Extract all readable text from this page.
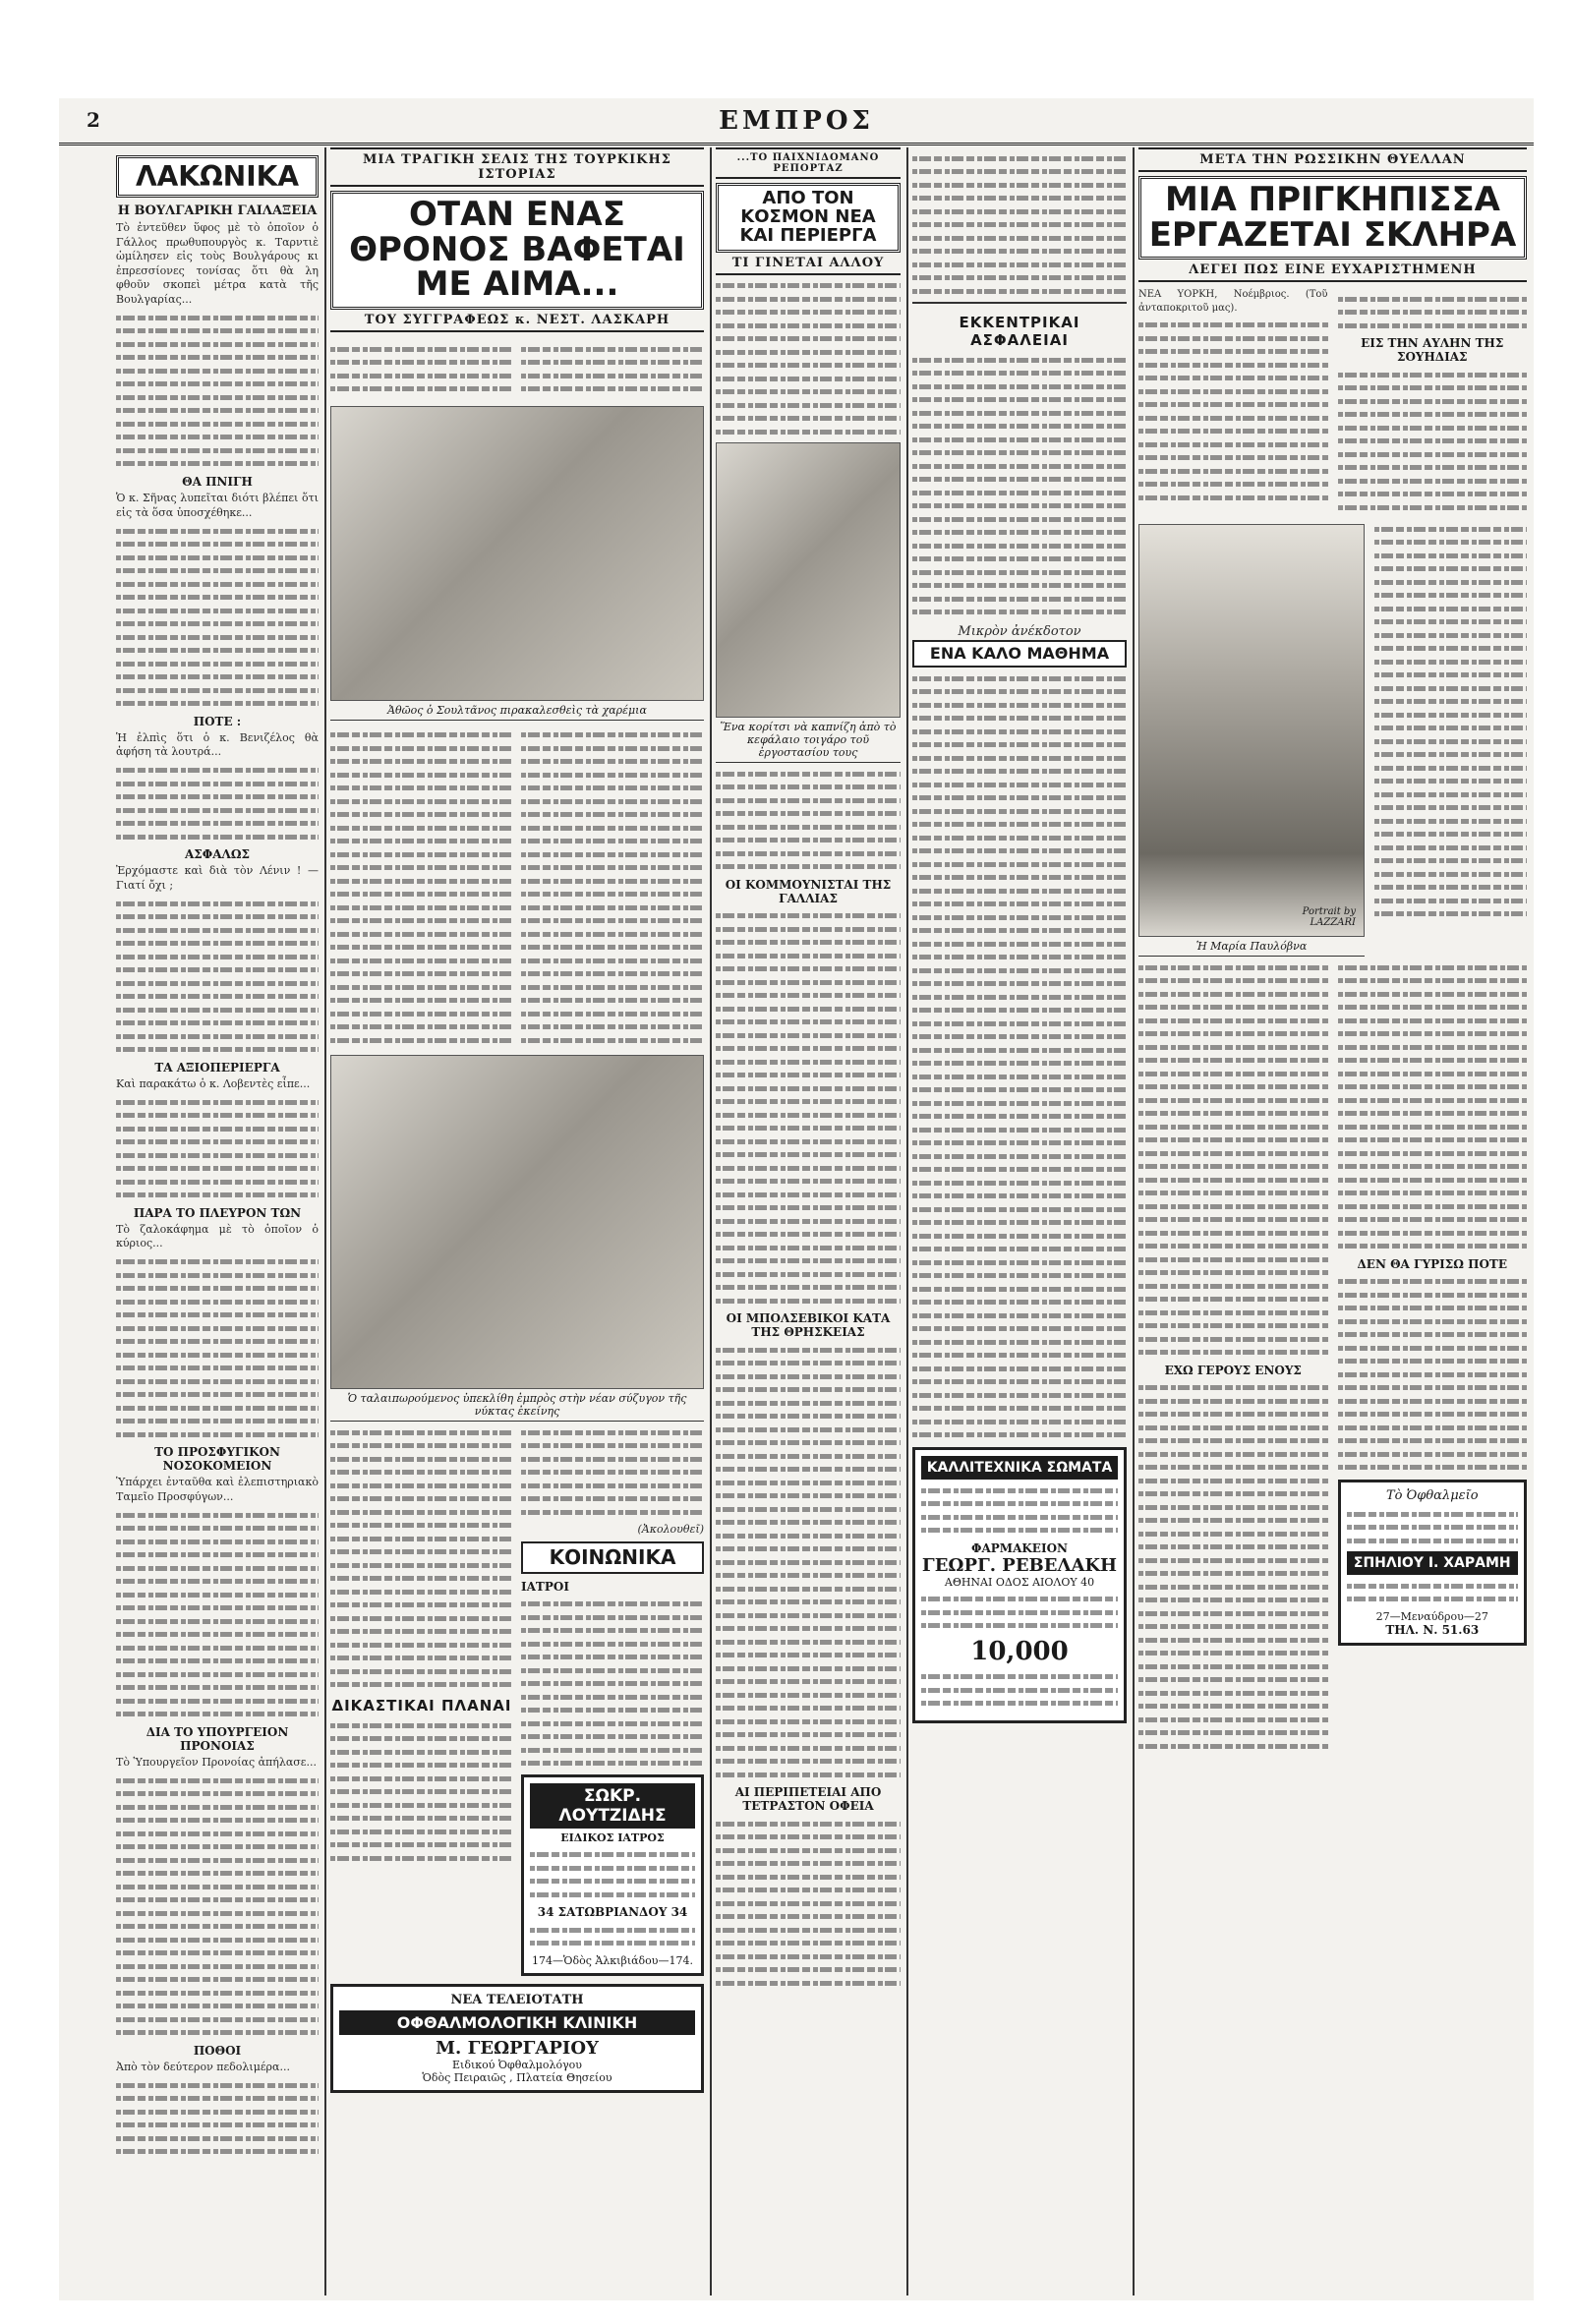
2	ΕΜΠΡΟΣ
ΛΑΚΩΝΙΚΑ
Η ΒΟΥΛΓΑΡΙΚΗ ΓΑΙΛΑΞΕΙΑ
Τὸ ἐντεῦθεν ὕφος μὲ τὸ ὁποῖον ὁ Γάλλος πρωθυπουργὸς κ. Ταρντιὲ ὡμίλησεν εἰς τοὺς Βουλγάρους κι ἐπρεσσίονες τονίσας ὅτι θὰ λη φθοῦν σκοπεὶ μέτρα κατὰ τῆς Βουλγαρίας...
ΘΑ ΠΝΙΓΗ
Ὁ κ. Σῆνας λυπεῖται διότι βλέπει ὅτι εἰς τὰ ὅσα ὑποσχέθηκε...
ΠΟΤΕ :
Ἡ ἐλπὶς ὅτι ὁ κ. Βενιζέλος θὰ ἀφήση τὰ λουτρά...
ΑΣΦΑΛΩΣ
Ἐρχόμαστε καὶ διὰ τὸν Λένιν ! — Γιατί ὄχι ;
ΤΑ ΑΞΙΟΠΕΡΙΕΡΓΑ
Καὶ παρακάτω ὁ κ. Λοβεντὲς εἶπε...
ΠΑΡΑ ΤΟ ΠΛΕΥΡΟΝ ΤΩΝ
Τὸ ζαλοκάφημα μὲ τὸ ὁποῖον ὁ κύριος...
ΤΟ ΠΡΟΣΦΥΓΙΚΟΝ ΝΟΣΟΚΟΜΕΙΟΝ
Ὑπάρχει ἐνταῦθα καὶ ἐλεπιστηριακὸ Ταμεῖο Προσφύγων...
ΔΙΑ ΤΟ ΥΠΟΥΡΓΕΙΟΝ ΠΡΟΝΟΙΑΣ
Τὸ Ὑπουργεῖον Προνοίας ἀπήλασε...
ΠΟΘΟΙ
Ἀπὸ τὸν δεύτερον πεδολιμέρα...
ΜΙΑ ΤΡΑΓΙΚΗ ΣΕΛΙΣ ΤΗΣ ΤΟΥΡΚΙΚΗΣ ΙΣΤΟΡΙΑΣ
ΟΤΑΝ ΕΝΑΣ ΘΡΟΝΟΣ ΒΑΦΕΤΑΙ ΜΕ ΑΙΜΑ...
ΤΟΥ ΣΥΓΓΡΑΦΕΩΣ κ. ΝΕΣΤ. ΛΑΣΚΑΡΗ
Ἀθῶος ὁ Σουλτᾶνος πιρακαλεσθεὶς τὰ χαρέμια
Ὁ ταλαιπωρούμενος ὑπεκλίθη ἐμπρὸς στὴν νέαν σύζυγον τῆς νύκτας ἐκείνης
ΔΙΚΑΣΤΙΚΑΙ ΠΛΑΝΑΙ
(Ἀκολουθεῖ)
ΚΟΙΝΩΝΙΚΑ
ΙΑΤΡΟΙ
ΣΩΚΡ. ΛΟΥΤΖΙΔΗΣ
ΕΙΔΙΚΟΣ ΙΑΤΡΟΣ
34 ΣΑΤΩΒΡΙΑΝΔΟΥ 34
174—Ὁδὸς Ἀλκιβιάδου—174.
ΝΕΑ ΤΕΛΕΙΟΤΑΤΗ
ΟΦΘΑΛΜΟΛΟΓΙΚΗ ΚΛΙΝΙΚΗ
Μ. ΓΕΩΡΓΑΡΙΟΥ
Ειδικού Ὀφθαλμολόγου
Ὁδὸς Πειραιῶς , Πλατεία Θησείου
...ΤΟ ΠΑΙΧΝΙΔΟΜΑΝΟ ΡΕΠΟΡΤΑΖ
ΑΠΟ ΤΟΝ ΚΟΣΜΟΝ ΝΕΑ ΚΑΙ ΠΕΡΙΕΡΓΑ
ΤΙ ΓΙΝΕΤΑΙ ΑΛΛΟΥ
Ἕνα κορίτσι νὰ καπνίζη ἀπὸ τὸ κεφάλαιο τοιγάρο τοῦ ἐργοστασίου τους
ΟΙ ΚΟΜΜΟΥΝΙΣΤΑΙ ΤΗΣ ΓΑΛΛΙΑΣ
ΟΙ ΜΠΟΛΣΕΒΙΚΟΙ ΚΑΤΑ ΤΗΣ ΘΡΗΣΚΕΙΑΣ
ΑΙ ΠΕΡΙΠΕΤΕΙΑΙ ΑΠΟ ΤΕΤΡΑΣΤΟΝ ΟΦΕΙΑ
ΕΚΚΕΝΤΡΙΚΑΙ ΑΣΦΑΛΕΙΑΙ
Μικρὸν ἀνέκδοτον
ΕΝΑ ΚΑΛΟ ΜΑΘΗΜΑ
ΚΑΛΛΙΤΕΧΝΙΚΑ ΣΩΜΑΤΑ
ΦΑΡΜΑΚΕΙΟΝ
ΓΕΩΡΓ. ΡΕΒΕΛΑΚΗ
ΑΘΗΝΑΙ ΟΔΟΣ ΑΙΟΛΟΥ 40
10,000
ΜΕΤΑ ΤΗΝ ΡΩΣΣΙΚΗΝ ΘΥΕΛΛΑΝ
ΜΙΑ ΠΡΙΓΚΗΠΙΣΣΑ ΕΡΓΑΖΕΤΑΙ ΣΚΛΗΡΑ
ΛΕΓΕΙ ΠΩΣ ΕΙΝΕ ΕΥΧΑΡΙΣΤΗΜΕΝΗ
ΝΕΑ ΥΟΡΚΗ, Νοέμβριος. (Τοῦ ἀνταποκριτοῦ μας).
ΕΙΣ ΤΗΝ ΑΥΛΗΝ ΤΗΣ ΣΟΥΗΔΙΑΣ
Portrait by LAZZARI
Ἡ Μαρία Παυλόβνα
ΕΧΩ ΓΕΡΟΥΣ ΕΝΟΥΣ
ΔΕΝ ΘΑ ΓΥΡΙΣΩ ΠΟΤΕ
Τὸ Ὀφθαλμεῖο
ΣΠΗΛΙΟΥ Ι. ΧΑΡΑΜΗ
27—Μεναύδρου—27
ΤΗΛ. Ν. 51.63
